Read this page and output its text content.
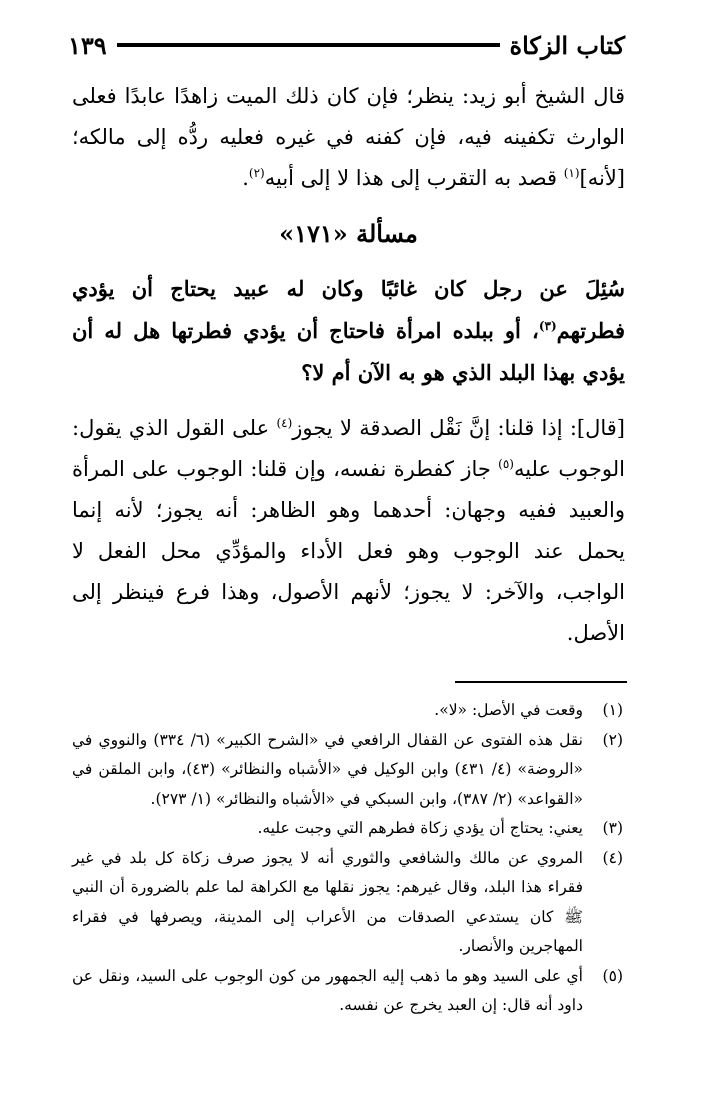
كتاب الزكاة
١٣٩

قال الشيخ أبو زيد: ينظر؛ فإن كان ذلك الميت زاهدًا عابدًا فعلى الوارث تكفينه فيه، فإن كفنه في غيره فعليه ردُّه إلى مالكه؛ [لأنه]$^{(١)}$ قصد به التقرب إلى هذا لا إلى أبيه$^{(٢)}$.

مسألة «١٧١»

سُئِلَ عن رجل كان غائبًا وكان له عبيد يحتاج أن يؤدي فطرتهم$^{(٣)}$، أو ببلده امرأة فاحتاج أن يؤدي فطرتها هل له أن يؤدي بهذا البلد الذي هو به الآن أم لا؟

[قال]: إذا قلنا: إنَّ نَقْل الصدقة لا يجوز$^{(٤)}$ على القول الذي يقول: الوجوب عليه$^{(٥)}$ جاز كفطرة نفسه، وإن قلنا: الوجوب على المرأة والعبيد ففيه وجهان: أحدهما وهو الظاهر: أنه يجوز؛ لأنه إنما يحمل عند الوجوب وهو فعل الأداء والمؤدِّي محل الفعل لا الواجب، والآخر: لا يجوز؛ لأنهم الأصول، وهذا فرع فينظر إلى الأصل.

(١)
وقعت في الأصل: «لا».
(٢)
نقل هذه الفتوى عن القفال الرافعي في «الشرح الكبير» (٦/ ٣٣٤) والنووي في «الروضة» (٤/ ٤٣١) وابن الوكيل في «الأشباه والنظائر» (٤٣)، وابن الملقن في «القواعد» (٢/ ٣٨٧)، وابن السبكي في «الأشباه والنظائر» (١/ ٢٧٣).
(٣)
يعني: يحتاج أن يؤدي زكاة فطرهم التي وجبت عليه.
(٤)
المروي عن مالك والشافعي والثوري أنه لا يجوز صرف زكاة كل بلد في غير فقراء هذا البلد، وقال غيرهم: يجوز نقلها مع الكراهة لما علم بالضرورة أن النبي ﷺ كان يستدعي الصدقات من الأعراب إلى المدينة، ويصرفها في فقراء المهاجرين والأنصار.
(٥)
أي على السيد وهو ما ذهب إليه الجمهور من كون الوجوب على السيد، ونقل عن داود أنه قال: إن العبد يخرج عن نفسه.
